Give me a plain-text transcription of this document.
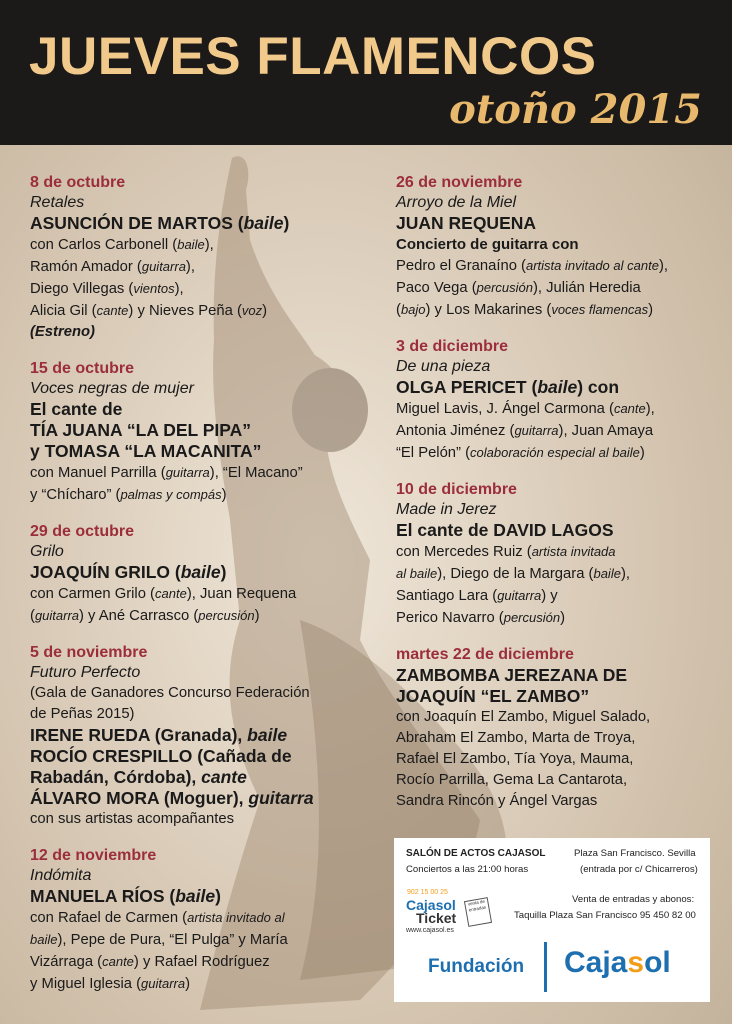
JUEVES FLAMENCOS
otoño 2015
8 de octubre
Retales
ASUNCIÓN DE MARTOS (baile)
con Carlos Carbonell (baile),
Ramón Amador (guitarra),
Diego Villegas (vientos),
Alicia Gil (cante) y Nieves Peña (voz)
(Estreno)
15 de octubre
Voces negras de mujer
El cante de
TÍA JUANA “LA DEL PIPA”
y TOMASA “LA MACANITA”
con Manuel Parrilla (guitarra), “El Macano”
y “Chícharo” (palmas y compás)
29 de octubre
Grilo
JOAQUÍN GRILO (baile)
con Carmen Grilo (cante), Juan Requena
(guitarra) y Ané Carrasco (percusión)
5 de noviembre
Futuro Perfecto
(Gala de Ganadores Concurso Federación
de Peñas 2015)
IRENE RUEDA (Granada), baile
ROCÍO CRESPILLO (Cañada de
Rabadán, Córdoba), cante
ÁLVARO MORA (Moguer), guitarra
con sus artistas acompañantes
12 de noviembre
Indómita
MANUELA RÍOS (baile)
con Rafael de Carmen (artista invitado al
baile), Pepe de Pura, “El Pulga” y María
Vizárraga (cante) y Rafael Rodríguez
y Miguel Iglesia (guitarra)
26 de noviembre
Arroyo de la Miel
JUAN REQUENA
Concierto de guitarra con
Pedro el Granaíno (artista invitado al cante),
Paco Vega (percusión), Julián Heredia
(bajo) y Los Makarines (voces flamencas)
3 de diciembre
De una pieza
OLGA PERICET (baile) con
Miguel Lavis, J. Ángel Carmona (cante),
Antonia Jiménez (guitarra), Juan Amaya
“El Pelón” (colaboración especial al baile)
10 de diciembre
Made in Jerez
El cante de DAVID LAGOS
con Mercedes Ruiz (artista invitada
al baile), Diego de la Margara (baile),
Santiago Lara (guitarra) y
Perico Navarro (percusión)
martes 22 de diciembre
ZAMBOMBA JEREZANA DE
JOAQUÍN “EL ZAMBO”
con Joaquín El Zambo, Miguel Salado,
Abraham El Zambo, Marta de Troya,
Rafael El Zambo, Tía Yoya, Mauma,
Rocío Parrilla, Gema La Cantarota,
Sandra Rincón y Ángel Vargas
SALÓN DE ACTOS CAJASOL	Plaza San Francisco. Sevilla
Conciertos a las 21:00 horas	(entrada por c/ Chicarreros)
902 15 00 25
Cajasol
Ticket
venta de entradas
www.cajasol.es
Venta de entradas y abonos:
Taquilla Plaza San Francisco 95 450 82 00
Fundación Cajasol
